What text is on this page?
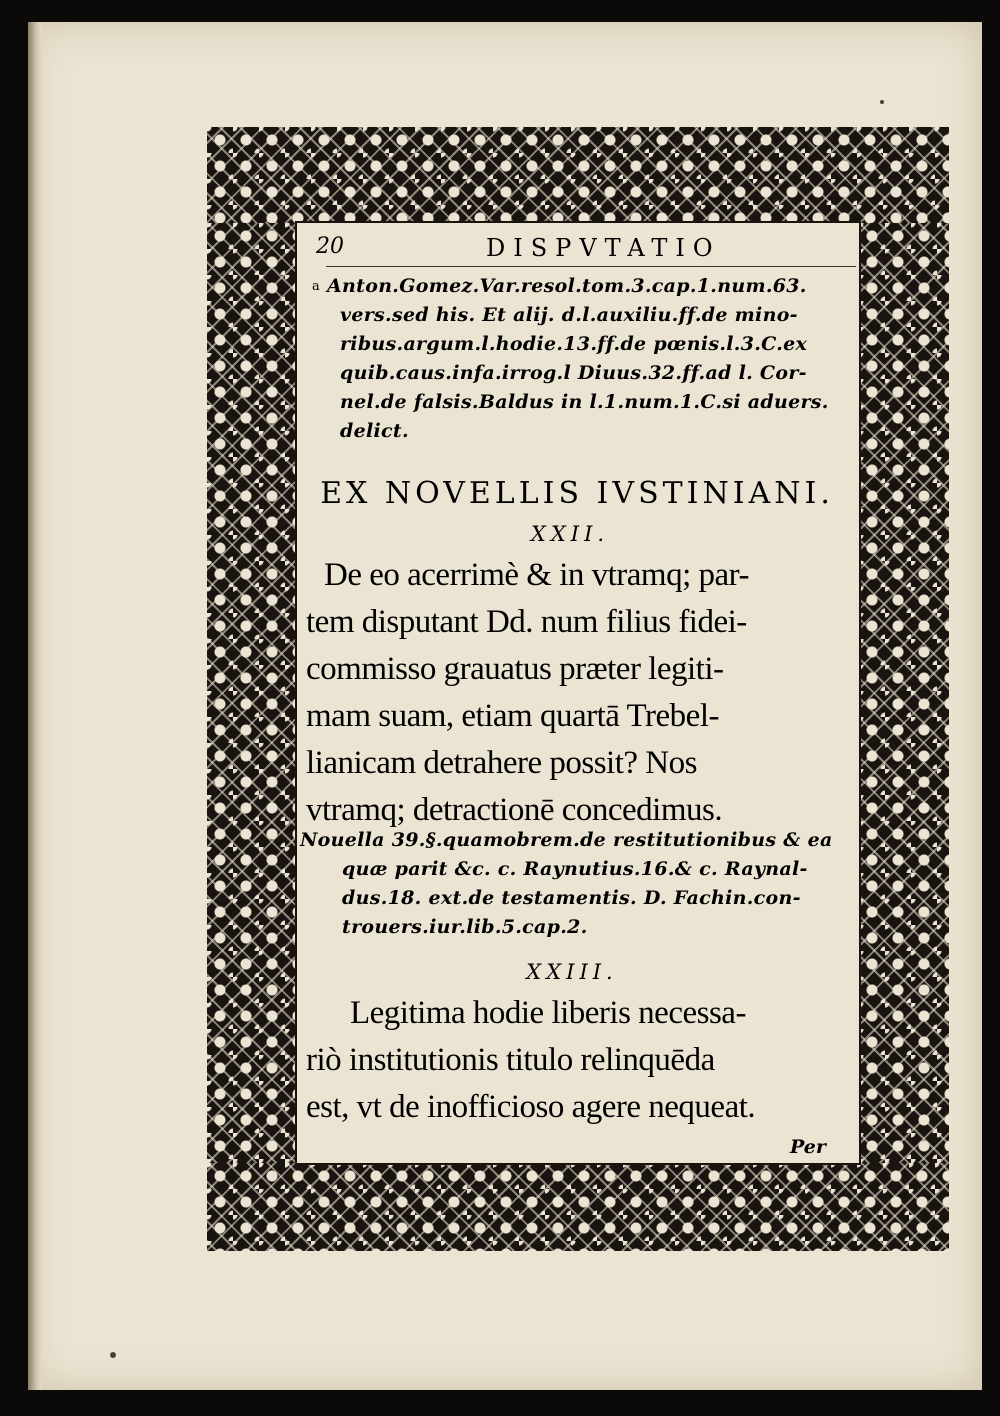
20	DISPVTATIO
$^a$ Anton.Gomez.Var.resol.tom.3.cap.1.num.63.
vers.sed his. Et alij. d.l.auxiliu.ff.de mino-
ribus.argum.l.hodie.13.ff.de pœnis.l.3.C.ex
quib.caus.infa.irrog.l Diuus.32.ff.ad l. Cor-
nel.de falsis.Baldus in l.1.num.1.C.si aduers.
delict.
EX NOVELLIS IVSTINIANI.
XXII.
De eo acerrimè & in vtramq; par-
tem disputant Dd. num filius fidei-
commisso grauatus præter legiti-
mam suam, etiam quartā Trebel-
lianicam detrahere possit? Nos
vtramq; detractionē concedimus.
Nouella 39.§.quamobrem.de restitutionibus & ea
quæ parit &c. c. Raynutius.16.& c. Raynal-
dus.18. ext.de testamentis. D. Fachin.con-
trouers.iur.lib.5.cap.2.
XXIII.
Legitima hodie liberis necessa-
riò institutionis titulo relinquēda
est, vt de inofficioso agere nequeat.
Per
